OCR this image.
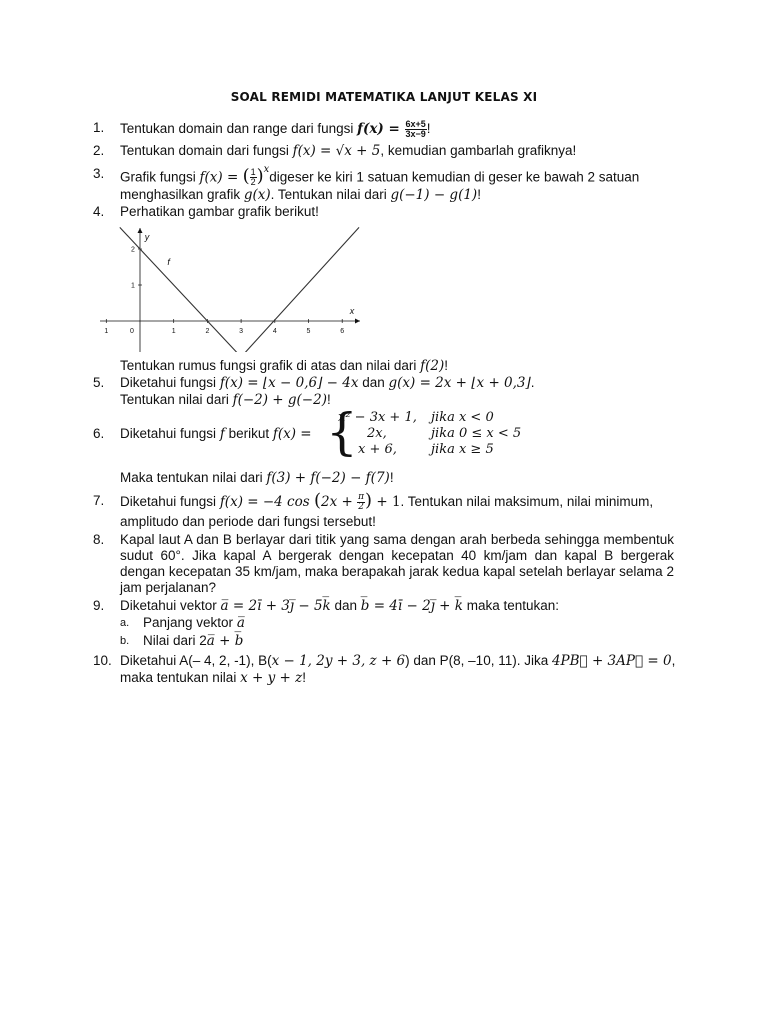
SOAL REMIDI MATEMATIKA LANJUT KELAS XI
1. Tentukan domain dan range dari fungsi $f(x) = \frac{6x+5}{3x-9}$ !
2. Tentukan domain dari fungsi f(x) = √x + 5, kemudian gambarlah grafiknya!
3. Grafik fungsi f(x) = ( $\frac{1}{2}$ )$^x$digeser ke kiri 1 satuan kemudian di geser ke bawah 2 satuan
menghasilkan grafik g(x). Tentukan nilai dari g(−1) − g(1)!
4. Perhatikan gambar grafik berikut!
x
y
1	0	1	2	3	4	5	6
2
1
f
Tentukan rumus fungsi grafik di atas dan nilai dari f(2)!
5. Diketahui fungsi f(x) = ⌊x − 0,6⌋ − 4x dan g(x) = 2x + ⌊x + 0,3⌋.
Tentukan nilai dari f(−2) + g(−2)!
6. Diketahui fungsi f berikut f(x) = {
x² − 3x + 1,
2x,
x + 6,
jika x < 0
jika 0 ≤ x < 5
jika x ≥ 5
Maka tentukan nilai dari f(3) + f(−2) − f(7)!
7. Diketahui fungsi f(x) = −4 $\cos (2x + \frac{\pi}{2}$ ) + 1. Tentukan nilai maksimum, nilai minimum,
amplitudo dan periode dari fungsi tersebut!
8. Kapal laut A dan B berlayar dari titik yang sama dengan arah berbeda sehingga membentuk sudut 60°. Jika kapal A bergerak dengan kecepatan 40 km/jam dan kapal B bergerak dengan kecepatan 35 km/jam, maka berapakah jarak kedua kapal setelah berlayar selama 2 jam perjalanan?
9. Diketahui vektor a̅ = 2ī + 3ȷ̅ − 5k̅ dan b̅ = 4ī − 2ȷ̅ + k̅ maka tentukan:
a. Panjang vektor a̅
b. Nilai dari 2a̅ + b̅
10. Diketahui A(– 4, 2, -1), B(x − 1, 2y + 3, z + 6) dan P(8, –10, 11). Jika 4PB⃗ + 3AP⃗ = 0,
maka tentukan nilai x + y + z!
